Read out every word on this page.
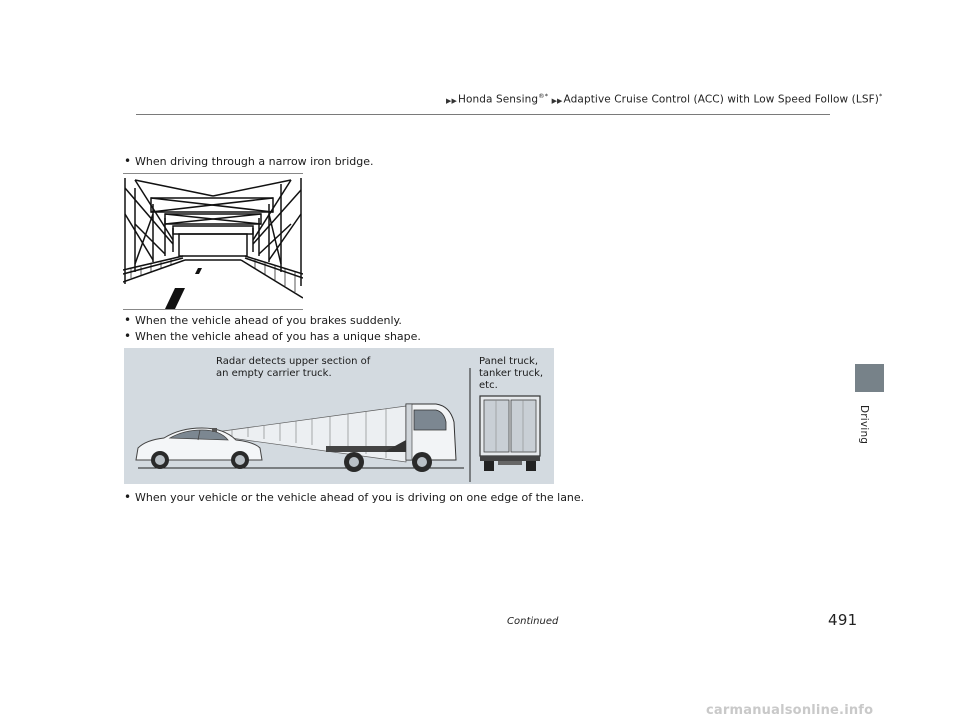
▶▶Honda Sensing®* ▶▶Adaptive Cruise Control (ACC) with Low Speed Follow (LSF)*
Driving
• When driving through a narrow iron bridge.
• When the vehicle ahead of you brakes suddenly.
• When the vehicle ahead of you has a unique shape.
Radar detects upper section of
an empty carrier truck.
Panel truck,
tanker truck,
etc.
• When your vehicle or the vehicle ahead of you is driving on one edge of the lane.
Continued	491
carmanualsonline.info
